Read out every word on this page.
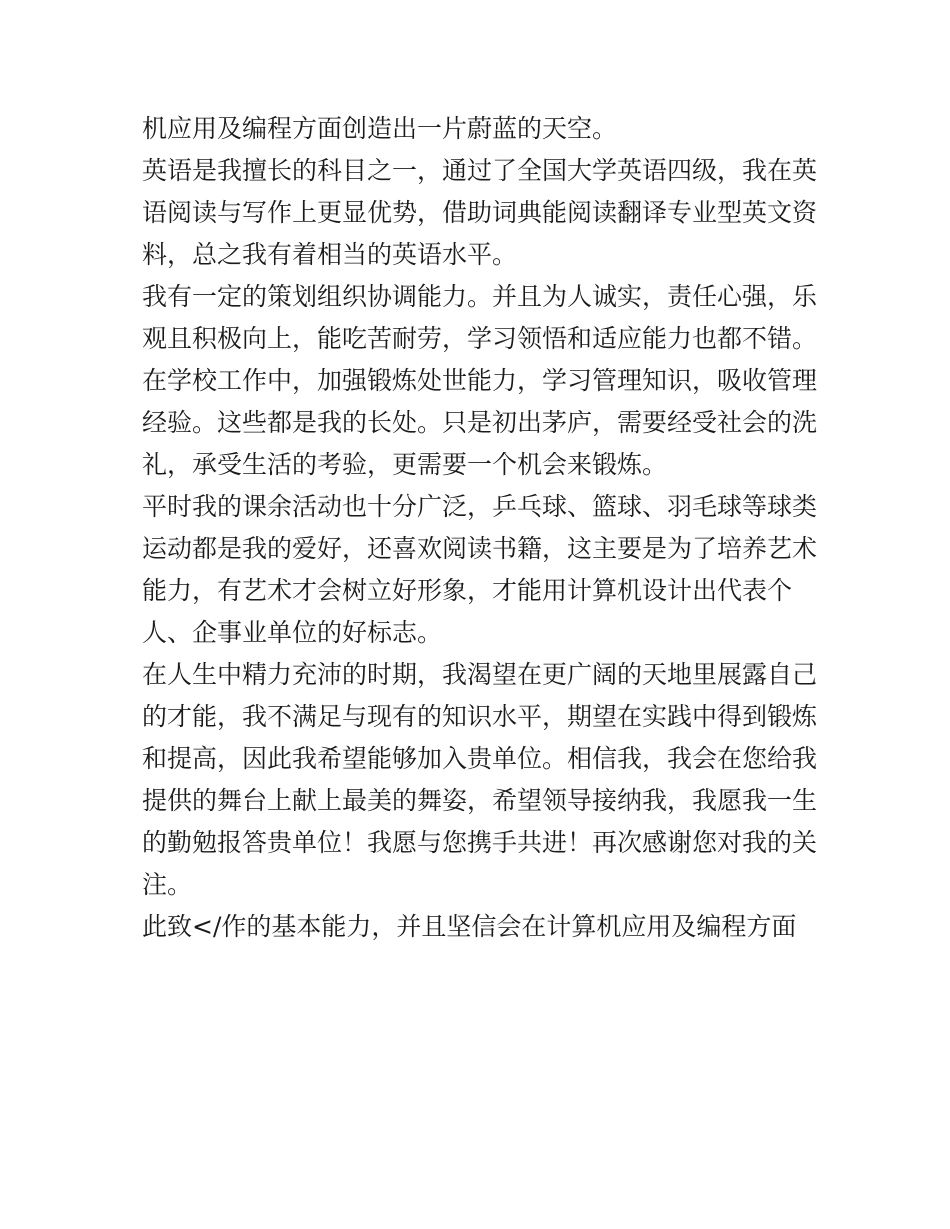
机应用及编程方面创造出一片蔚蓝的天空。
英语是我擅长的科目之一，通过了全国大学英语四级，我在英
语阅读与写作上更显优势，借助词典能阅读翻译专业型英文资
料，总之我有着相当的英语水平。
我有一定的策划组织协调能力。并且为人诚实，责任心强，乐
观且积极向上，能吃苦耐劳，学习领悟和适应能力也都不错。
在学校工作中，加强锻炼处世能力，学习管理知识，吸收管理
经验。这些都是我的长处。只是初出茅庐，需要经受社会的洗
礼，承受生活的考验，更需要一个机会来锻炼。
平时我的课余活动也十分广泛，乒乓球、篮球、羽毛球等球类
运动都是我的爱好，还喜欢阅读书籍，这主要是为了培养艺术
能力，有艺术才会树立好形象，才能用计算机设计出代表个
人、企事业单位的好标志。
在人生中精力充沛的时期，我渴望在更广阔的天地里展露自己
的才能，我不满足与现有的知识水平，期望在实践中得到锻炼
和提高，因此我希望能够加入贵单位。相信我，我会在您给我
提供的舞台上献上最美的舞姿，希望领导接纳我，我愿我一生
的勤勉报答贵单位！我愿与您携手共进！再次感谢您对我的关
注。
此致</作的基本能力，并且坚信会在计算机应用及编程方面
